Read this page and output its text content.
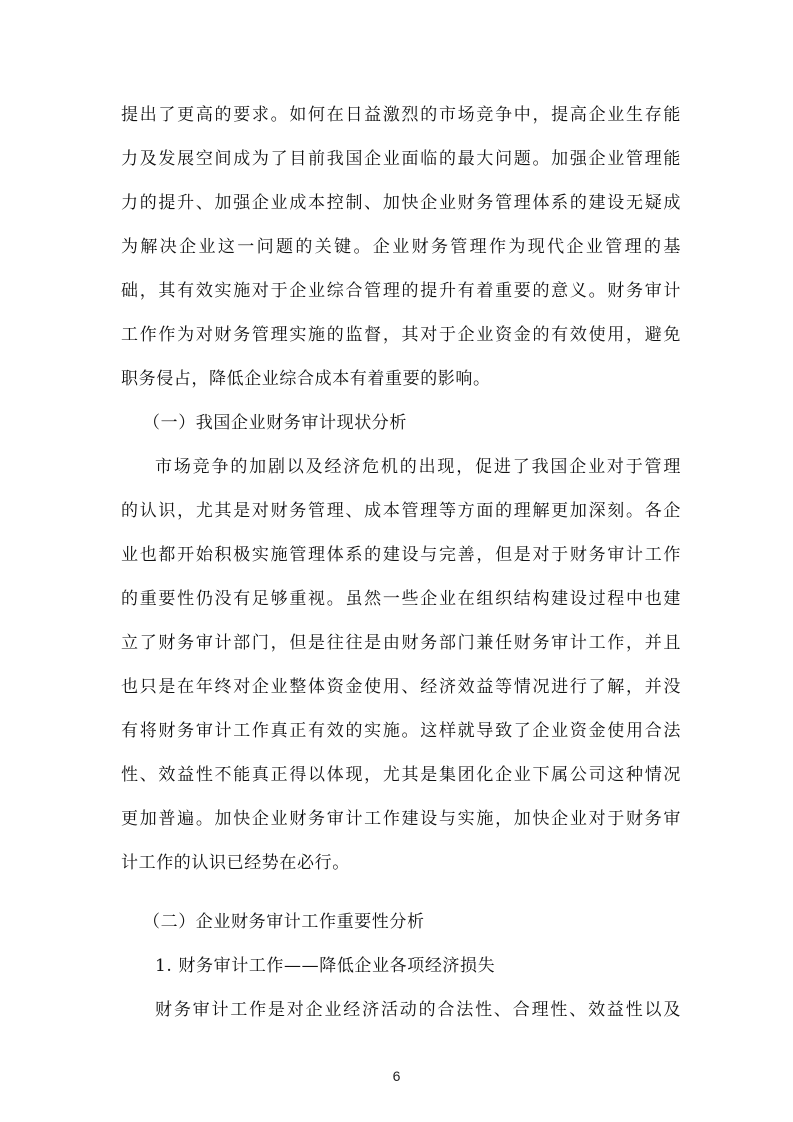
提出了更高的要求。如何在日益激烈的市场竞争中，提高企业生存能
力及发展空间成为了目前我国企业面临的最大问题。加强企业管理能
力的提升、加强企业成本控制、加快企业财务管理体系的建设无疑成
为解决企业这一问题的关键。企业财务管理作为现代企业管理的基
础，其有效实施对于企业综合管理的提升有着重要的意义。财务审计
工作作为对财务管理实施的监督，其对于企业资金的有效使用，避免
职务侵占，降低企业综合成本有着重要的影响。
（一）我国企业财务审计现状分析
市场竞争的加剧以及经济危机的出现，促进了我国企业对于管理
的认识，尤其是对财务管理、成本管理等方面的理解更加深刻。各企
业也都开始积极实施管理体系的建设与完善，但是对于财务审计工作
的重要性仍没有足够重视。虽然一些企业在组织结构建设过程中也建
立了财务审计部门，但是往往是由财务部门兼任财务审计工作，并且
也只是在年终对企业整体资金使用、经济效益等情况进行了解，并没
有将财务审计工作真正有效的实施。这样就导致了企业资金使用合法
性、效益性不能真正得以体现，尤其是集团化企业下属公司这种情况
更加普遍。加快企业财务审计工作建设与实施，加快企业对于财务审
计工作的认识已经势在必行。
（二）企业财务审计工作重要性分析
1. 财务审计工作——降低企业各项经济损失
财务审计工作是对企业经济活动的合法性、合理性、效益性以及
6
